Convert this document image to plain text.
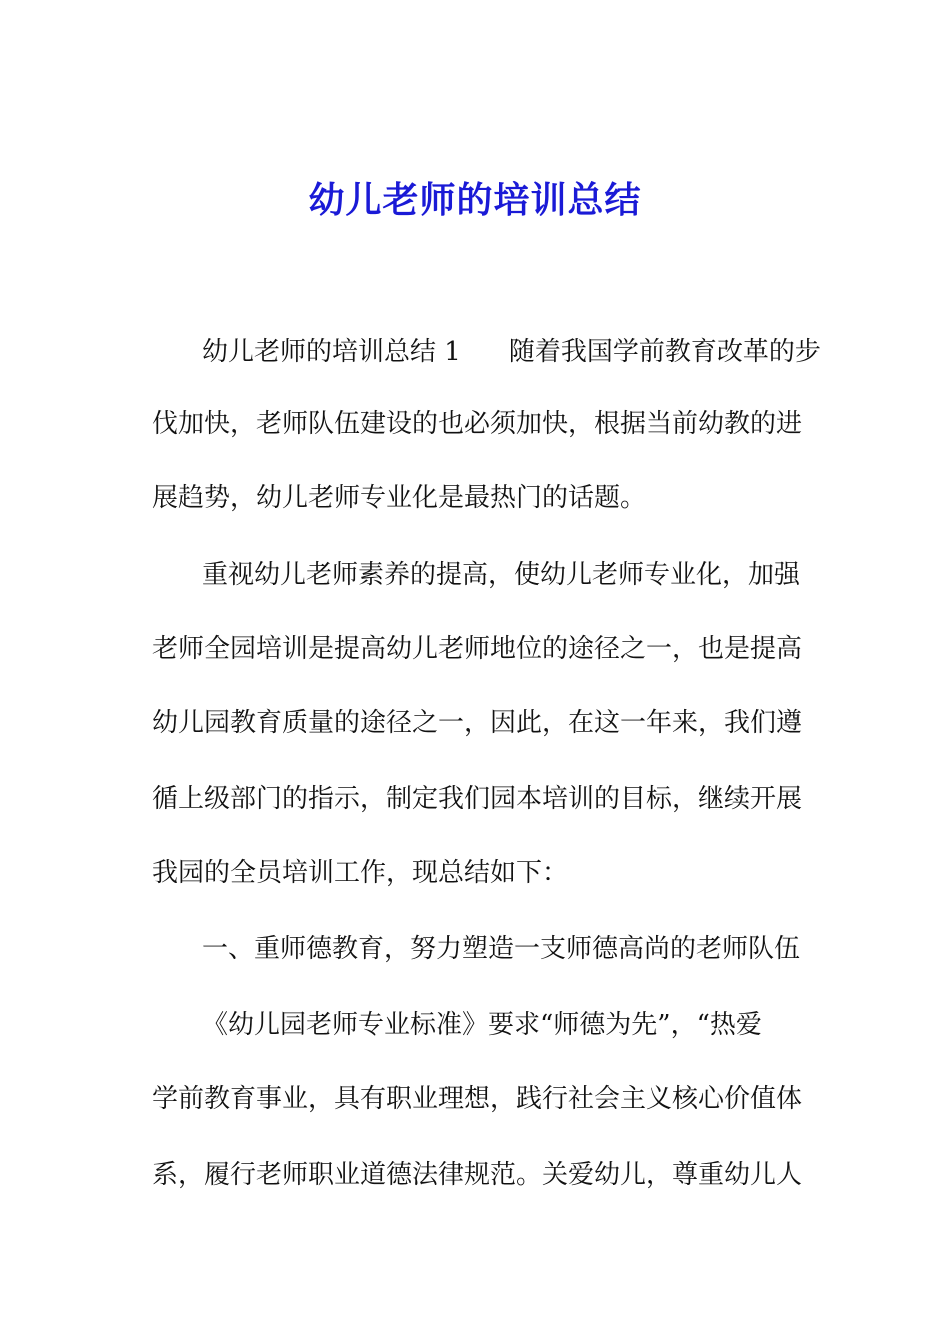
幼儿老师的培训总结

幼儿老师的培训总结 1 随着我国学前教育改革的步

伐加快，老师队伍建设的也必须加快，根据当前幼教的进

展趋势，幼儿老师专业化是最热门的话题。

重视幼儿老师素养的提高，使幼儿老师专业化，加强

老师全园培训是提高幼儿老师地位的途径之一，也是提高

幼儿园教育质量的途径之一，因此，在这一年来，我们遵

循上级部门的指示，制定我们园本培训的目标，继续开展

我园的全员培训工作，现总结如下：

一、重师德教育，努力塑造一支师德高尚的老师队伍

《幼儿园老师专业标准》要求“师德为先”，“热爱

学前教育事业，具有职业理想，践行社会主义核心价值体

系，履行老师职业道德法律规范。关爱幼儿，尊重幼儿人
